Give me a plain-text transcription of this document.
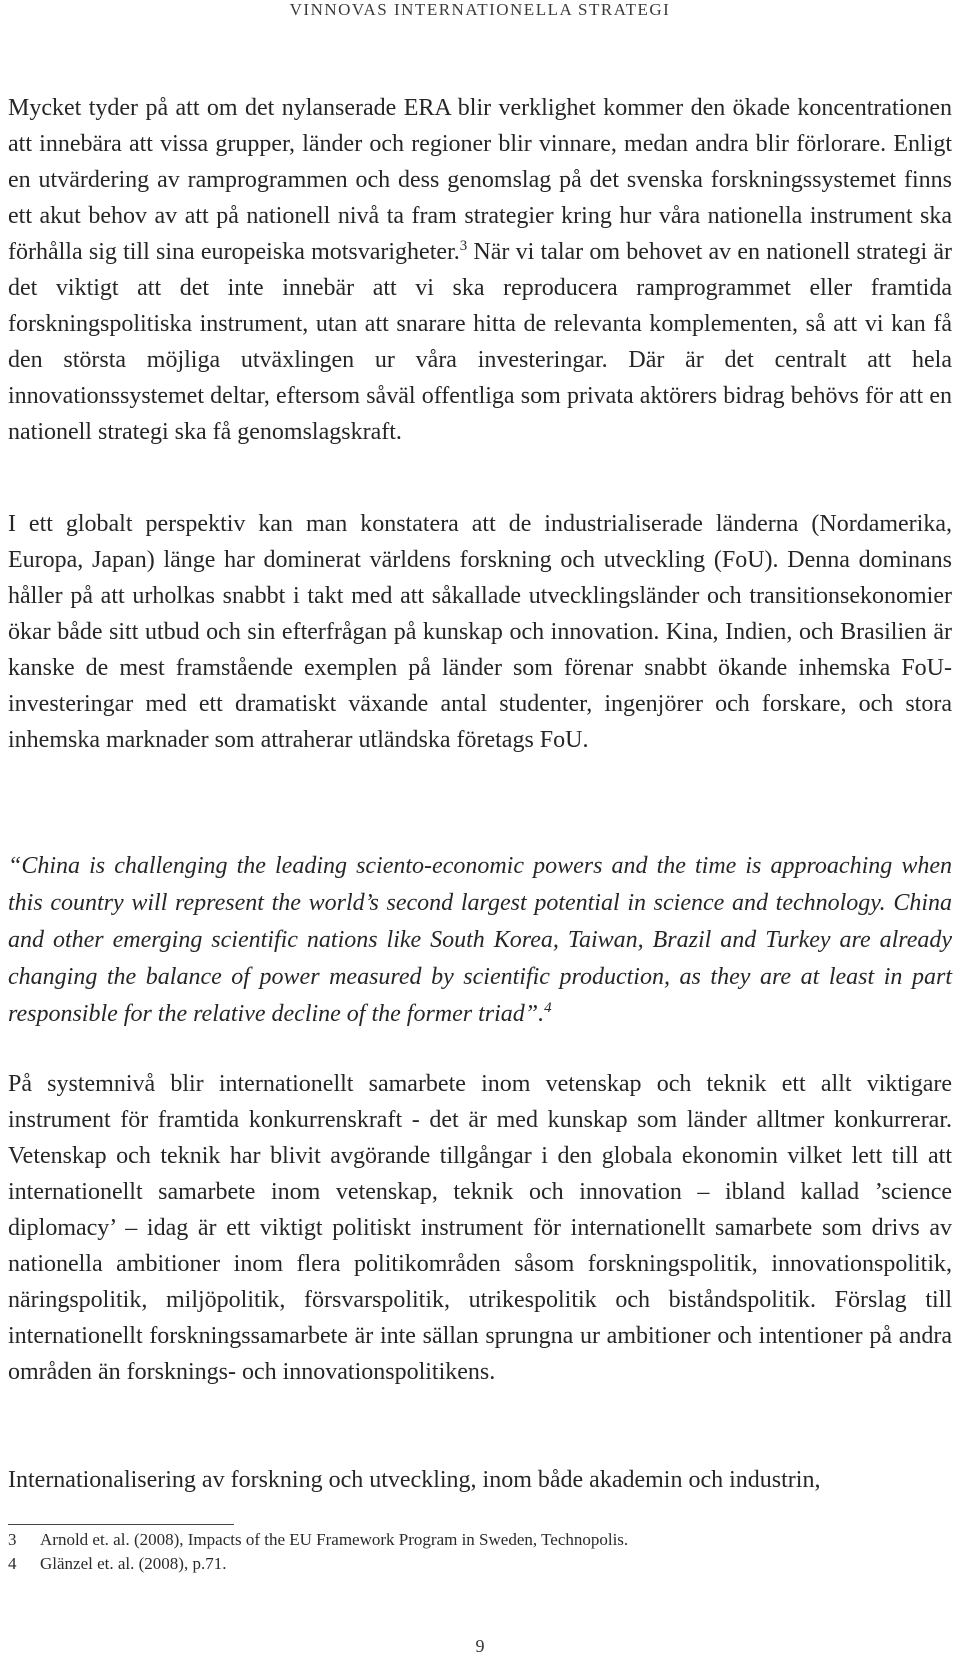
VINNOVAS INTERNATIONELLA STRATEGI

Mycket tyder på att om det nylanserade ERA blir verklighet kommer den ökade koncentrationen att innebära att vissa grupper, länder och regioner blir vinnare, medan andra blir förlorare. Enligt en utvärdering av ramprogrammen och dess genomslag på det svenska forskningssystemet finns ett akut behov av att på nationell nivå ta fram strategier kring hur våra nationella instrument ska förhålla sig till sina europeiska motsvarigheter.$^3$ När vi talar om behovet av en nationell strategi är det viktigt att det inte innebär att vi ska reproducera ramprogrammet eller framtida forskningspolitiska instrument, utan att snarare hitta de relevanta komplementen, så att vi kan få den största möjliga utväxlingen ur våra investeringar. Där är det centralt att hela innovationssystemet deltar, eftersom såväl offentliga som privata aktörers bidrag behövs för att en nationell strategi ska få genomslagskraft.

I ett globalt perspektiv kan man konstatera att de industrialiserade länderna (Nordamerika, Europa, Japan) länge har dominerat världens forskning och utveckling (FoU). Denna dominans håller på att urholkas snabbt i takt med att såkallade utvecklingsländer och transitionsekonomier ökar både sitt utbud och sin efterfrågan på kunskap och innovation. Kina, Indien, och Brasilien är kanske de mest framstående exemplen på länder som förenar snabbt ökande inhemska FoU-investeringar med ett dramatiskt växande antal studenter, ingenjörer och forskare, och stora inhemska marknader som attraherar utländska företags FoU.

“China is challenging the leading sciento-economic powers and the time is approaching when this country will represent the world’s second largest potential in science and technology. China and other emerging scientific nations like South Korea, Taiwan, Brazil and Turkey are already changing the balance of power measured by scientific production, as they are at least in part responsible for the relative decline of the former triad”.$^4$

På systemnivå blir internationellt samarbete inom vetenskap och teknik ett allt viktigare instrument för framtida konkurrenskraft - det är med kunskap som länder alltmer konkurrerar. Vetenskap och teknik har blivit avgörande tillgångar i den globala ekonomin vilket lett till att internationellt samarbete inom vetenskap, teknik och innovation – ibland kallad ’science diplomacy’ – idag är ett viktigt politiskt instrument för internationellt samarbete som drivs av nationella ambitioner inom flera politikområden såsom forskningspolitik, innovationspolitik, näringspolitik, miljöpolitik, försvarspolitik, utrikespolitik och biståndspolitik. Förslag till internationellt forskningssamarbete är inte sällan sprungna ur ambitioner och intentioner på andra områden än forsknings- och innovationspolitikens.

Internationalisering av forskning och utveckling, inom både akademin och industrin,

3	Arnold et. al. (2008), Impacts of the EU Framework Program in Sweden, Technopolis.
4	Glänzel et. al. (2008), p.71.
9
